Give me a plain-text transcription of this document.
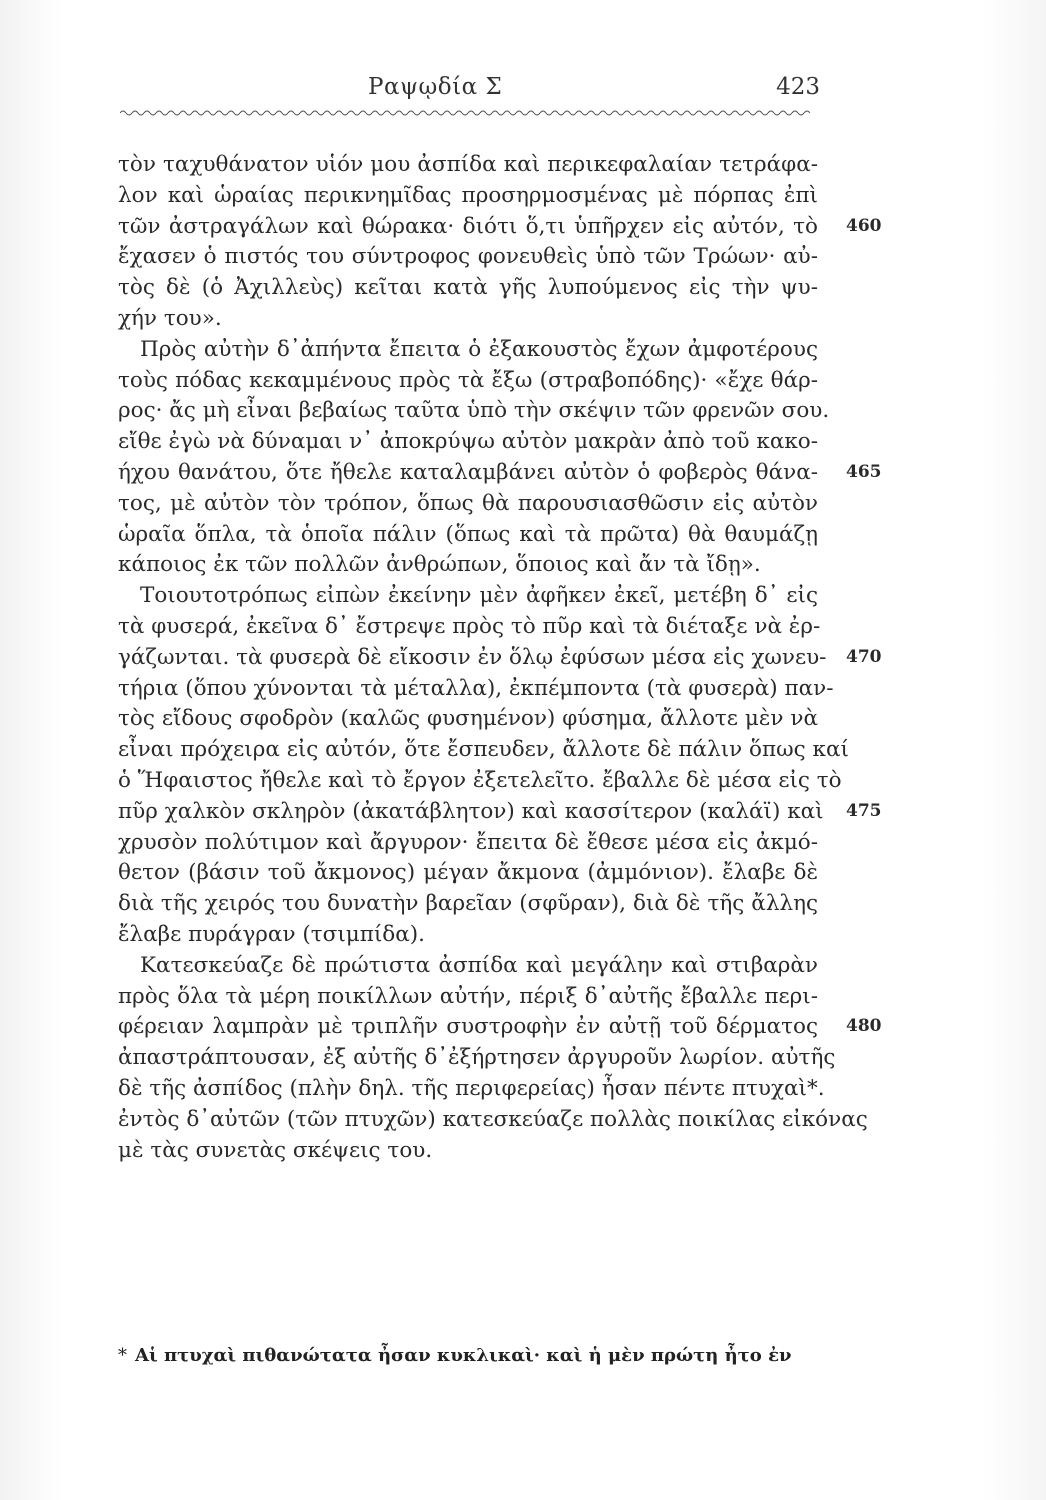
Ραψῳδία Σ	423
τὸν ταχυθάνατον υἱόν μου ἀσπίδα καὶ περικεφαλαίαν τετράφα-
λον καὶ ὡραίας περικνημῖδας προσηρμοσμένας μὲ πόρπας ἐπὶ
τῶν ἀστραγάλων καὶ θώρακα· διότι ὅ,τι ὑπῆρχεν εἰς αὐτόν, τὸ
ἔχασεν ὁ πιστός του σύντροφος φονευθεὶς ὑπὸ τῶν Τρώων· αὐ-
τὸς δὲ (ὁ Ἀχιλλεὺς) κεῖται κατὰ γῆς λυπούμενος εἰς τὴν ψυ-
χήν του».
Πρὸς αὐτὴν δ᾽ἀπήντα ἔπειτα ὁ ἐξακουστὸς ἔχων ἀμφοτέρους
τοὺς πόδας κεκαμμένους πρὸς τὰ ἔξω (στραβοπόδης)· «ἔχε θάρ-
ρος· ἄς μὴ εἶναι βεβαίως ταῦτα ὑπὸ τὴν σκέψιν τῶν φρενῶν σου.
εἴθε ἐγὼ νὰ δύναμαι ν᾽ ἀποκρύψω αὐτὸν μακρὰν ἀπὸ τοῦ κακο-
ήχου θανάτου, ὅτε ἤθελε καταλαμβάνει αὐτὸν ὁ φοβερὸς θάνα-
τος, μὲ αὐτὸν τὸν τρόπον, ὅπως θὰ παρουσιασθῶσιν εἰς αὐτὸν
ὡραῖα ὅπλα, τὰ ὁποῖα πάλιν (ὅπως καὶ τὰ πρῶτα) θὰ θαυμάζῃ
κάποιος ἐκ τῶν πολλῶν ἀνθρώπων, ὅποιος καὶ ἄν τὰ ἴδῃ».
Τοιουτοτρόπως εἰπὼν ἐκείνην μὲν ἀφῆκεν ἐκεῖ, μετέβη δ᾽ εἰς
τὰ φυσερά, ἐκεῖνα δ᾽ ἔστρεψε πρὸς τὸ πῦρ καὶ τὰ διέταξε νὰ ἐρ-
γάζωνται. τὰ φυσερὰ δὲ εἴκοσιν ἐν ὅλῳ ἐφύσων μέσα εἰς χωνευ-
τήρια (ὅπου χύνονται τὰ μέταλλα), ἐκπέμποντα (τὰ φυσερὰ) παν-
τὸς εἴδους σφοδρὸν (καλῶς φυσημένον) φύσημα, ἄλλοτε μὲν νὰ
εἶναι πρόχειρα εἰς αὐτόν, ὅτε ἔσπευδεν, ἄλλοτε δὲ πάλιν ὅπως καί
ὁ Ἥφαιστος ἤθελε καὶ τὸ ἔργον ἐξετελεῖτο. ἔβαλλε δὲ μέσα εἰς τὸ
πῦρ χαλκὸν σκληρὸν (ἀκατάβλητον) καὶ κασσίτερον (καλάϊ) καὶ
χρυσὸν πολύτιμον καὶ ἄργυρον· ἔπειτα δὲ ἔθεσε μέσα εἰς ἀκμό-
θετον (βάσιν τοῦ ἄκμονος) μέγαν ἄκμονα (ἀμμόνιον). ἔλαβε δὲ
διὰ τῆς χειρός του δυνατὴν βαρεῖαν (σφῦραν), διὰ δὲ τῆς ἄλλης
ἔλαβε πυράγραν (τσιμπίδα).
Κατεσκεύαζε δὲ πρώτιστα ἀσπίδα καὶ μεγάλην καὶ στιβαρὰν
πρὸς ὅλα τὰ μέρη ποικίλλων αὐτήν, πέριξ δ᾽αὐτῆς ἔβαλλε περι-
φέρειαν λαμπρὰν μὲ τριπλῆν συστροφὴν ἐν αὐτῇ τοῦ δέρματος
ἀπαστράπτουσαν, ἐξ αὐτῆς δ᾽ἐξήρτησεν ἀργυροῦν λωρίον. αὐτῆς
δὲ τῆς ἀσπίδος (πλὴν δηλ. τῆς περιφερείας) ἦσαν πέντε πτυχαὶ*.
ἐντὸς δ᾽αὐτῶν (τῶν πτυχῶν) κατεσκεύαζε πολλὰς ποικίλας εἰκόνας
μὲ τὰς συνετὰς σκέψεις του.
460
465
470
475
480
* Αἱ πτυχαὶ πιθανώτατα ἦσαν κυκλικαὶ· καὶ ἡ μὲν πρώτη ἦτο ἐν
